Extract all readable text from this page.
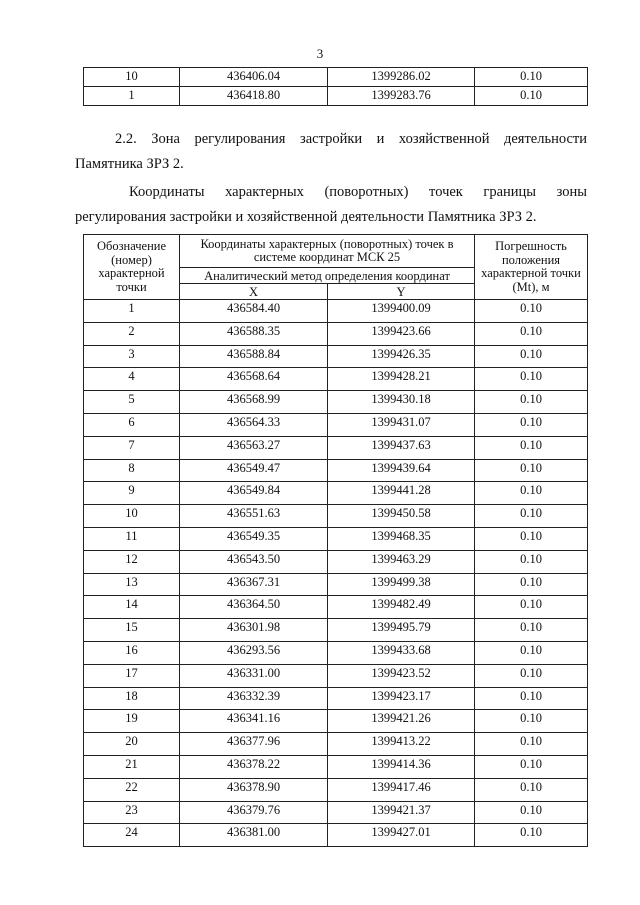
3
10	436406.04	1399286.02	0.10
1	436418.80	1399283.76	0.10
2.2. Зона регулирования застройки и хозяйственной деятельности
Памятника ЗРЗ 2.
Координаты характерных (поворотных) точек границы зоны
регулирования застройки и хозяйственной деятельности Памятника ЗРЗ 2.
Обозначение (номер) характерной точки	Координаты характерных (поворотных) точек в системе координат МСК 25		Погрешность положения характерной точки (Mt), м
	Аналитический метод определения координат		
	X	Y	
1	436584.40	1399400.09	0.10
2	436588.35	1399423.66	0.10
3	436588.84	1399426.35	0.10
4	436568.64	1399428.21	0.10
5	436568.99	1399430.18	0.10
6	436564.33	1399431.07	0.10
7	436563.27	1399437.63	0.10
8	436549.47	1399439.64	0.10
9	436549.84	1399441.28	0.10
10	436551.63	1399450.58	0.10
11	436549.35	1399468.35	0.10
12	436543.50	1399463.29	0.10
13	436367.31	1399499.38	0.10
14	436364.50	1399482.49	0.10
15	436301.98	1399495.79	0.10
16	436293.56	1399433.68	0.10
17	436331.00	1399423.52	0.10
18	436332.39	1399423.17	0.10
19	436341.16	1399421.26	0.10
20	436377.96	1399413.22	0.10
21	436378.22	1399414.36	0.10
22	436378.90	1399417.46	0.10
23	436379.76	1399421.37	0.10
24	436381.00	1399427.01	0.10
